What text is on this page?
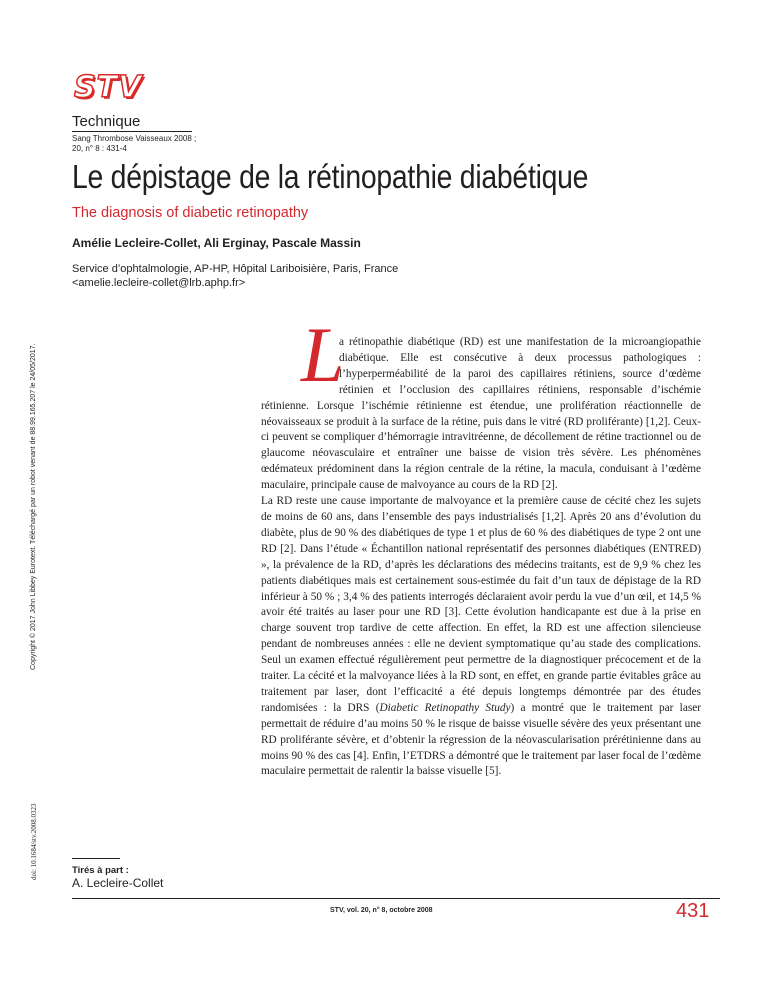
STV
Technique
Sang Thrombose Vaisseaux 2008 ;
20, n° 8 : 431-4
Le dépistage de la rétinopathie diabétique
The diagnosis of diabetic retinopathy
Amélie Lecleire-Collet, Ali Erginay, Pascale Massin
Service d’ophtalmologie, AP-HP, Hôpital Lariboisière, Paris, France
<amelie.lecleire-collet@lrb.aphp.fr>
Copyright © 2017 John Libbey Eurotext. Téléchargé par un robot venant de 88.99.165.207 le 24/05/2017.
doi: 10.1684/stv.2008.0323
L

a rétinopathie diabétique (RD) est une manifestation de la microangiopathie diabétique. Elle est consécutive à deux processus pathologiques : l’hyperperméabilité de la paroi des capillaires rétiniens, source d’œdème rétinien et l’occlusion des capillaires rétiniens, responsable d’ischémie rétinienne. Lorsque l’ischémie rétinienne est étendue, une prolifération réactionnelle de néovaisseaux se produit à la surface de la rétine, puis dans le vitré (RD proliférante) [1,2]. Ceux-ci peuvent se compliquer d’hémorragie intravitréenne, de décollement de rétine tractionnel ou de glaucome néovasculaire et entraîner une baisse de vision très sévère. Les phénomènes œdémateux prédominent dans la région centrale de la rétine, la macula, conduisant à l’œdème maculaire, principale cause de malvoyance au cours de la RD [2].

La RD reste une cause importante de malvoyance et la première cause de cécité chez les sujets de moins de 60 ans, dans l’ensemble des pays industrialisés [1,2]. Après 20 ans d’évolution du diabète, plus de 90 % des diabétiques de type 1 et plus de 60 % des diabétiques de type 2 ont une RD [2]. Dans l’étude « Échantillon national représentatif des personnes diabétiques (ENTRED) », la prévalence de la RD, d’après les déclarations des médecins traitants, est de 9,9 % chez les patients diabétiques mais est certainement sous-estimée du fait d’un taux de dépistage de la RD inférieur à 50 % ; 3,4 % des patients interrogés déclaraient avoir perdu la vue d’un œil, et 14,5 % avoir été traités au laser pour une RD [3]. Cette évolution handicapante est due à la prise en charge souvent trop tardive de cette affection. En effet, la RD est une affection silencieuse pendant de nombreuses années : elle ne devient symptomatique qu’au stade des complications. Seul un examen effectué régulièrement peut permettre de la diagnostiquer précocement et de la traiter. La cécité et la malvoyance liées à la RD sont, en effet, en grande partie évitables grâce au traitement par laser, dont l’efficacité a été depuis longtemps démontrée par des études randomisées : la DRS (Diabetic Retinopathy Study) a montré que le traitement par laser permettait de réduire d’au moins 50 % le risque de baisse visuelle sévère des yeux présentant une RD proliférante sévère, et d’obtenir la régression de la néovascularisation prérétinienne dans au moins 90 % des cas [4]. Enfin, l’ETDRS a démontré que le traitement par laser focal de l’œdème maculaire permettait de ralentir la baisse visuelle [5].

Tirés à part :
A. Lecleire-Collet
STV, vol. 20, n° 8, octobre 2008	431
